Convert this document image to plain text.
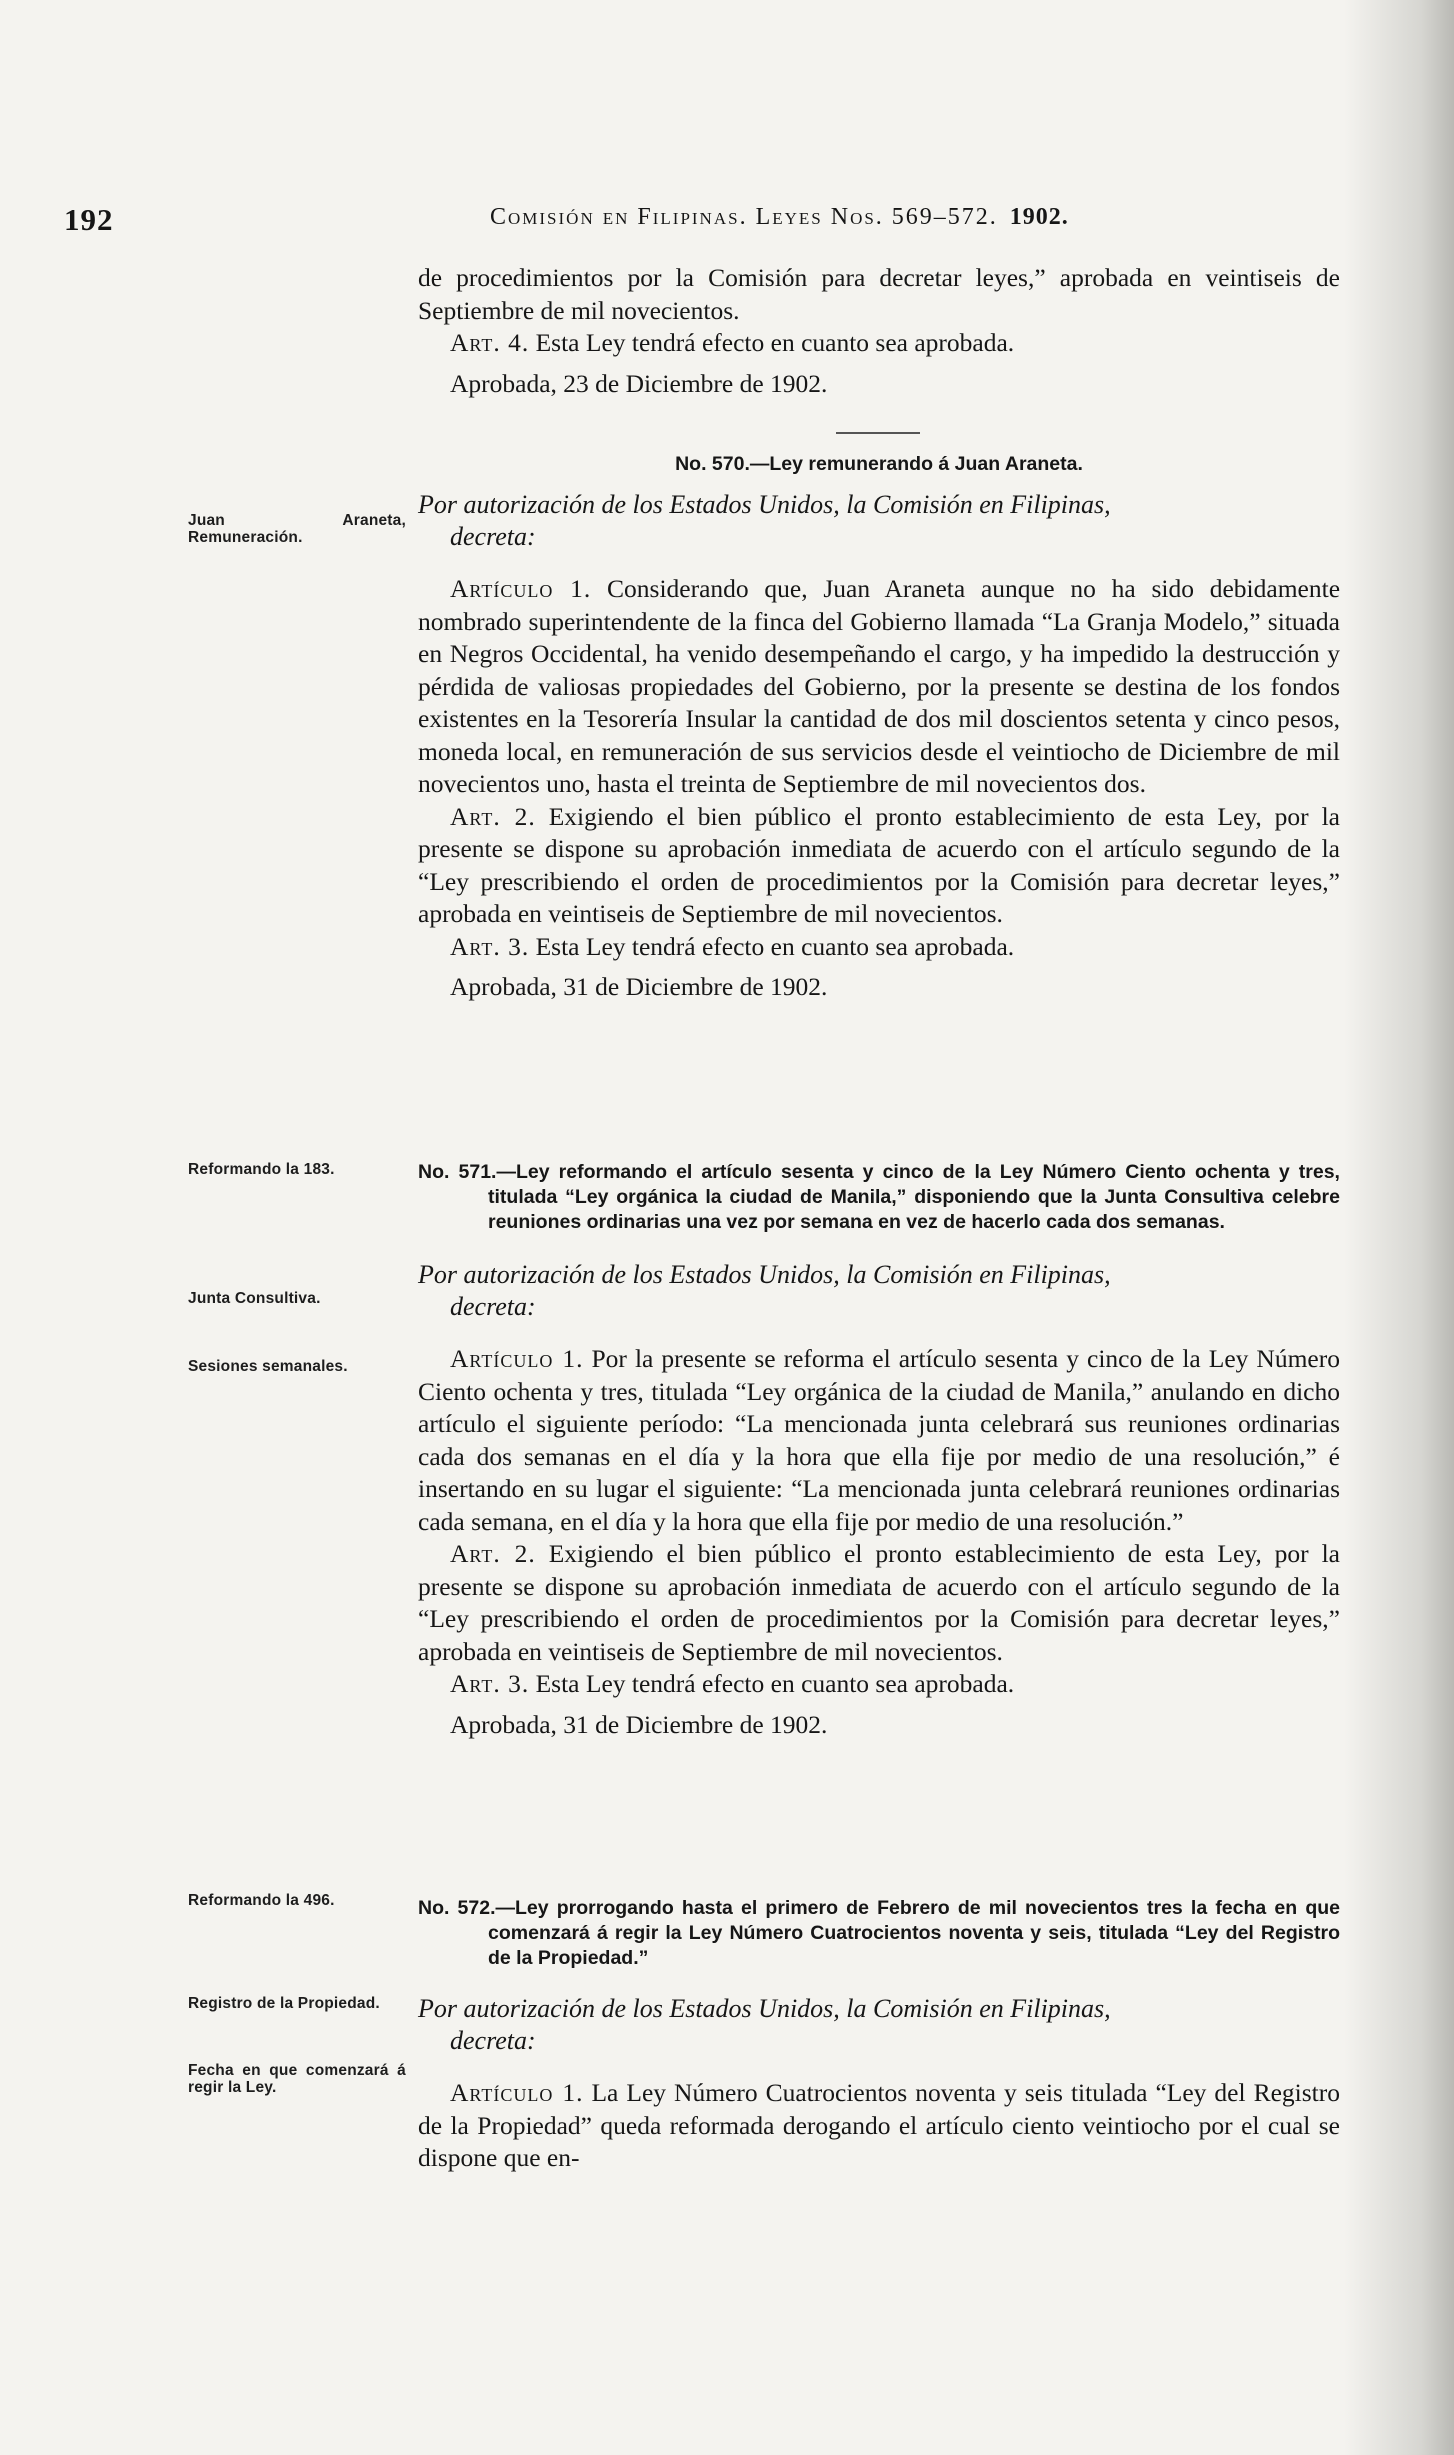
192	Comisión en Filipinas. Leyes Nos. 569–572. 1902.

de procedimientos por la Comisión para decretar leyes,” aprobada en veintiseis de Septiembre de mil novecientos.

Art. 4. Esta Ley tendrá efecto en cuanto sea aprobada.

Aprobada, 23 de Diciembre de 1902.

No. 570.—Ley remunerando á Juan Araneta.

Por autorización de los Estados Unidos, la Comisión en Filipinas,
decreta:

Artículo 1. Considerando que, Juan Araneta aunque no ha sido debidamente nombrado superintendente de la finca del Gobierno llamada “La Granja Modelo,” situada en Negros Occidental, ha venido desempeñando el cargo, y ha impedido la destrucción y pérdida de valiosas propiedades del Gobierno, por la presente se destina de los fondos existentes en la Tesorería Insular la cantidad de dos mil doscientos setenta y cinco pesos, moneda local, en remuneración de sus servicios desde el veintiocho de Diciembre de mil novecientos uno, hasta el treinta de Septiembre de mil novecientos dos.

Art. 2. Exigiendo el bien público el pronto establecimiento de esta Ley, por la presente se dispone su aprobación inmediata de acuerdo con el artículo segundo de la “Ley prescribiendo el orden de procedimientos por la Comisión para decretar leyes,” aprobada en veintiseis de Septiembre de mil novecientos.

Art. 3. Esta Ley tendrá efecto en cuanto sea aprobada.

Aprobada, 31 de Diciembre de 1902.

No. 571.—Ley reformando el artículo sesenta y cinco de la Ley Número Ciento ochenta y tres, titulada “Ley orgánica la ciudad de Manila,” disponiendo que la Junta Consultiva celebre reuniones ordinarias una vez por semana en vez de hacerlo cada dos semanas.

Por autorización de los Estados Unidos, la Comisión en Filipinas,
decreta:

Artículo 1. Por la presente se reforma el artículo sesenta y cinco de la Ley Número Ciento ochenta y tres, titulada “Ley orgánica de la ciudad de Manila,” anulando en dicho artículo el siguiente período: “La mencionada junta celebrará sus reuniones ordinarias cada dos semanas en el día y la hora que ella fije por medio de una resolución,” é insertando en su lugar el siguiente: “La mencionada junta celebrará reuniones ordinarias cada semana, en el día y la hora que ella fije por medio de una resolución.”

Art. 2. Exigiendo el bien público el pronto establecimiento de esta Ley, por la presente se dispone su aprobación inmediata de acuerdo con el artículo segundo de la “Ley prescribiendo el orden de procedimientos por la Comisión para decretar leyes,” aprobada en veintiseis de Septiembre de mil novecientos.

Art. 3. Esta Ley tendrá efecto en cuanto sea aprobada.

Aprobada, 31 de Diciembre de 1902.

No. 572.—Ley prorrogando hasta el primero de Febrero de mil novecientos tres la fecha en que comenzará á regir la Ley Número Cuatrocientos noventa y seis, titulada “Ley del Registro de la Propiedad.”

Por autorización de los Estados Unidos, la Comisión en Filipinas,
decreta:

Artículo 1. La Ley Número Cuatrocientos noventa y seis titulada “Ley del Registro de la Propiedad” queda reformada derogando el artículo ciento veintiocho por el cual se dispone que en-

Juan Araneta, Remuneración.
Reformando la 183.
Junta Consultiva.
Sesiones semanales.
Reformando la 496.
Registro de la Propiedad.
Fecha en que comenzará á regir la Ley.
